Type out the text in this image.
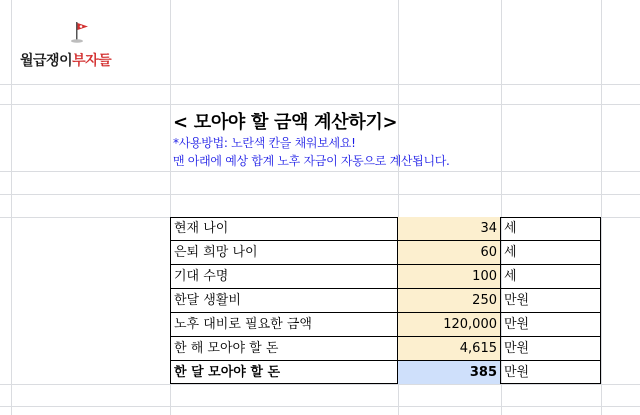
월급쟁이부자들
< 모아야 할 금액 계산하기>
*사용방법: 노란색 칸을 채워보세요!
맨 아래에 예상 합계 노후 자금이 자동으로 계산됩니다.
현재 나이	34 세
은퇴 희망 나이	60 세
기대 수명	100 세
한달 생활비	250 만원
노후 대비로 필요한 금액	120,000 만원
한 해 모아야 할 돈	4,615 만원
한 달 모아야 할 돈	385 만원
